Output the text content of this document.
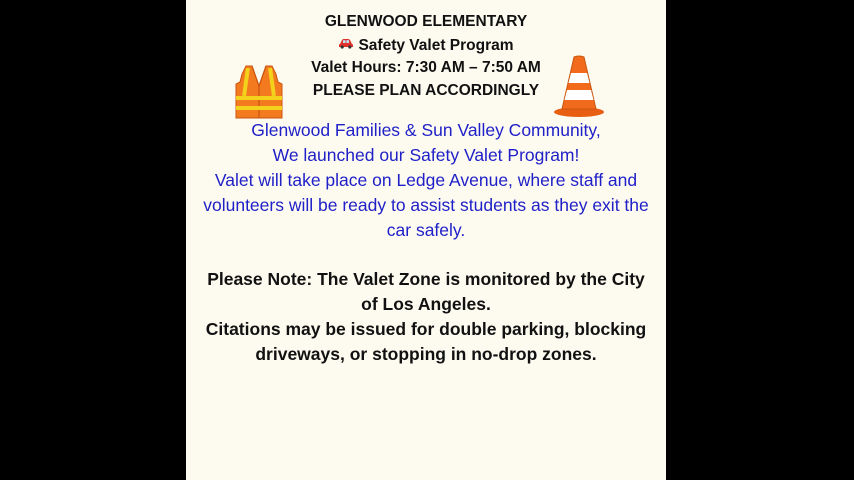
GLENWOOD ELEMENTARY
Safety Valet Program
Valet Hours: 7:30 AM – 7:50 AM
PLEASE PLAN ACCORDINGLY
Glenwood Families & Sun Valley Community,
We launched our Safety Valet Program!
Valet will take place on Ledge Avenue, where staff and
volunteers will be ready to assist students as they exit the
car safely.
Please Note: The Valet Zone is monitored by the City
of Los Angeles.
Citations may be issued for double parking, blocking
driveways, or stopping in no-drop zones.
